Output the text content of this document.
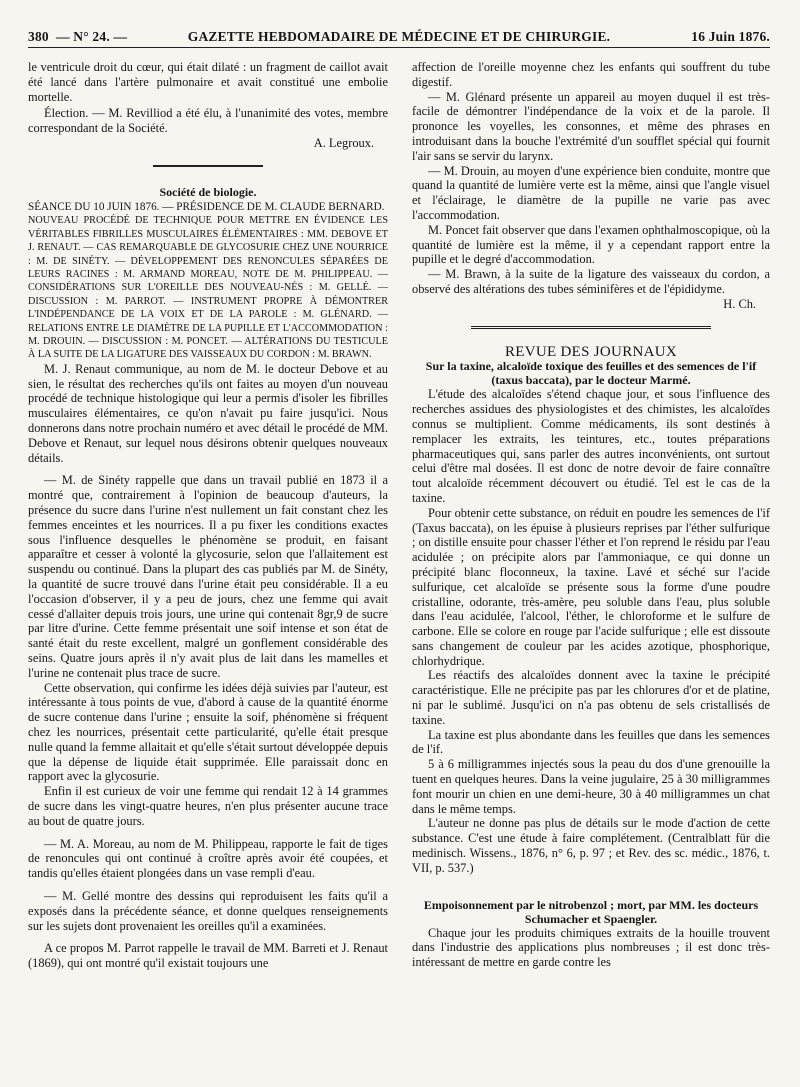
380 — N° 24. —	GAZETTE HEBDOMADAIRE DE MÉDECINE ET DE CHIRURGIE.	16 Juin 1876.

le ventricule droit du cœur, qui était dilaté : un fragment de caillot avait été lancé dans l'artère pulmonaire et avait constitué une embolie mortelle.

Élection. — M. Revilliod a été élu, à l'unanimité des votes, membre correspondant de la Société.

A. Legroux.

Société de biologie.

SÉANCE DU 10 JUIN 1876. — PRÉSIDENCE DE M. CLAUDE BERNARD.

NOUVEAU PROCÉDÉ DE TECHNIQUE POUR METTRE EN ÉVIDENCE LES VÉRITABLES FIBRILLES MUSCULAIRES ÉLÉMENTAIRES : MM. DEBOVE ET J. RENAUT. — CAS REMARQUABLE DE GLYCOSURIE CHEZ UNE NOURRICE : M. DE SINÉTY. — DÉVELOPPEMENT DES RENONCULES SÉPARÉES DE LEURS RACINES : M. ARMAND MOREAU, NOTE DE M. PHILIPPEAU. — CONSIDÉRATIONS SUR L'OREILLE DES NOUVEAU-NÉS : M. GELLÉ. — DISCUSSION : M. PARROT. — INSTRUMENT PROPRE À DÉMONTRER L'INDÉPENDANCE DE LA VOIX ET DE LA PAROLE : M. GLÉNARD. — RELATIONS ENTRE LE DIAMÈTRE DE LA PUPILLE ET L'ACCOMMODATION : M. DROUIN. — DISCUSSION : M. PONCET. — ALTÉRATIONS DU TESTICULE À LA SUITE DE LA LIGATURE DES VAISSEAUX DU CORDON : M. BRAWN.

M. J. Renaut communique, au nom de M. le docteur Debove et au sien, le résultat des recherches qu'ils ont faites au moyen d'un nouveau procédé de technique histologique qui leur a permis d'isoler les fibrilles musculaires élémentaires, ce qu'on n'avait pu faire jusqu'ici. Nous donnerons dans notre prochain numéro et avec détail le procédé de MM. Debove et Renaut, sur lequel nous désirons obtenir quelques nouveaux détails.

— M. de Sinéty rappelle que dans un travail publié en 1873 il a montré que, contrairement à l'opinion de beaucoup d'auteurs, la présence du sucre dans l'urine n'est nullement un fait constant chez les femmes enceintes et les nourrices. Il a pu fixer les conditions exactes sous l'influence desquelles le phénomène se produit, en faisant apparaître et cesser à volonté la glycosurie, selon que l'allaitement est suspendu ou continué. Dans la plupart des cas publiés par M. de Sinéty, la quantité de sucre trouvé dans l'urine était peu considérable. Il a eu l'occasion d'observer, il y a peu de jours, chez une femme qui avait cessé d'allaiter depuis trois jours, une urine qui contenait 8gr,9 de sucre par litre d'urine. Cette femme présentait une soif intense et son état de santé était du reste excellent, malgré un gonflement considérable des seins. Quatre jours après il n'y avait plus de lait dans les mamelles et l'urine ne contenait plus trace de sucre.

Cette observation, qui confirme les idées déjà suivies par l'auteur, est intéressante à tous points de vue, d'abord à cause de la quantité énorme de sucre contenue dans l'urine ; ensuite la soif, phénomène si fréquent chez les nourrices, présentait cette particularité, qu'elle était presque nulle quand la femme allaitait et qu'elle s'était surtout développée depuis que la dépense de liquide était supprimée. Elle paraissait donc en rapport avec la glycosurie.

Enfin il est curieux de voir une femme qui rendait 12 à 14 grammes de sucre dans les vingt-quatre heures, n'en plus présenter aucune trace au bout de quatre jours.

— M. A. Moreau, au nom de M. Philippeau, rapporte le fait de tiges de renoncules qui ont continué à croître après avoir été coupées, et tandis qu'elles étaient plongées dans un vase rempli d'eau.

— M. Gellé montre des dessins qui reproduisent les faits qu'il a exposés dans la précédente séance, et donne quelques renseignements sur les sujets dont provenaient les oreilles qu'il a examinées.

A ce propos M. Parrot rappelle le travail de MM. Barreti et J. Renaut (1869), qui ont montré qu'il existait toujours une

affection de l'oreille moyenne chez les enfants qui souffrent du tube digestif.

— M. Glénard présente un appareil au moyen duquel il est très-facile de démontrer l'indépendance de la voix et de la parole. Il prononce les voyelles, les consonnes, et même des phrases en introduisant dans la bouche l'extrémité d'un soufflet spécial qui fournit l'air sans se servir du larynx.

— M. Drouin, au moyen d'une expérience bien conduite, montre que quand la quantité de lumière verte est la même, ainsi que l'angle visuel et l'éclairage, le diamètre de la pupille ne varie pas avec l'accommodation.

M. Poncet fait observer que dans l'examen ophthalmoscopique, où la quantité de lumière est la même, il y a cependant rapport entre la pupille et le degré d'accommodation.

— M. Brawn, à la suite de la ligature des vaisseaux du cordon, a observé des altérations des tubes séminifères et de l'épididyme.

H. Ch.

REVUE DES JOURNAUX

Sur la taxine, alcaloïde toxique des feuilles et des semences de l'if (taxus baccata), par le docteur Marmé.

L'étude des alcaloïdes s'étend chaque jour, et sous l'influence des recherches assidues des physiologistes et des chimistes, les alcaloïdes connus se multiplient. Comme médicaments, ils sont destinés à remplacer les extraits, les teintures, etc., toutes préparations pharmaceutiques qui, sans parler des autres inconvénients, ont surtout celui d'être mal dosées. Il est donc de notre devoir de faire connaître tout alcaloïde récemment découvert ou étudié. Tel est le cas de la taxine.

Pour obtenir cette substance, on réduit en poudre les semences de l'if (Taxus baccata), on les épuise à plusieurs reprises par l'éther sulfurique ; on distille ensuite pour chasser l'éther et l'on reprend le résidu par l'eau acidulée ; on précipite alors par l'ammoniaque, ce qui donne un précipité blanc floconneux, la taxine. Lavé et séché sur l'acide sulfurique, cet alcaloïde se présente sous la forme d'une poudre cristalline, odorante, très-amère, peu soluble dans l'eau, plus soluble dans l'eau acidulée, l'alcool, l'éther, le chloroforme et le sulfure de carbone. Elle se colore en rouge par l'acide sulfurique ; elle est dissoute sans changement de couleur par les acides azotique, phosphorique, chlorhydrique.

Les réactifs des alcaloïdes donnent avec la taxine le précipité caractéristique. Elle ne précipite pas par les chlorures d'or et de platine, ni par le sublimé. Jusqu'ici on n'a pas obtenu de sels cristallisés de taxine.

La taxine est plus abondante dans les feuilles que dans les semences de l'if.

5 à 6 milligrammes injectés sous la peau du dos d'une grenouille la tuent en quelques heures. Dans la veine jugulaire, 25 à 30 milligrammes font mourir un chien en une demi-heure, 30 à 40 milligrammes un chat dans le même temps.

L'auteur ne donne pas plus de détails sur le mode d'action de cette substance. C'est une étude à faire complétement. (Centralblatt für die medinisch. Wissens., 1876, n° 6, p. 97 ; et Rev. des sc. médic., 1876, t. VII, p. 537.)

Empoisonnement par le nitrobenzol ; mort, par MM. les docteurs Schumacher et Spaengler.

Chaque jour les produits chimiques extraits de la houille trouvent dans l'industrie des applications plus nombreuses ; il est donc très-intéressant de mettre en garde contre les
